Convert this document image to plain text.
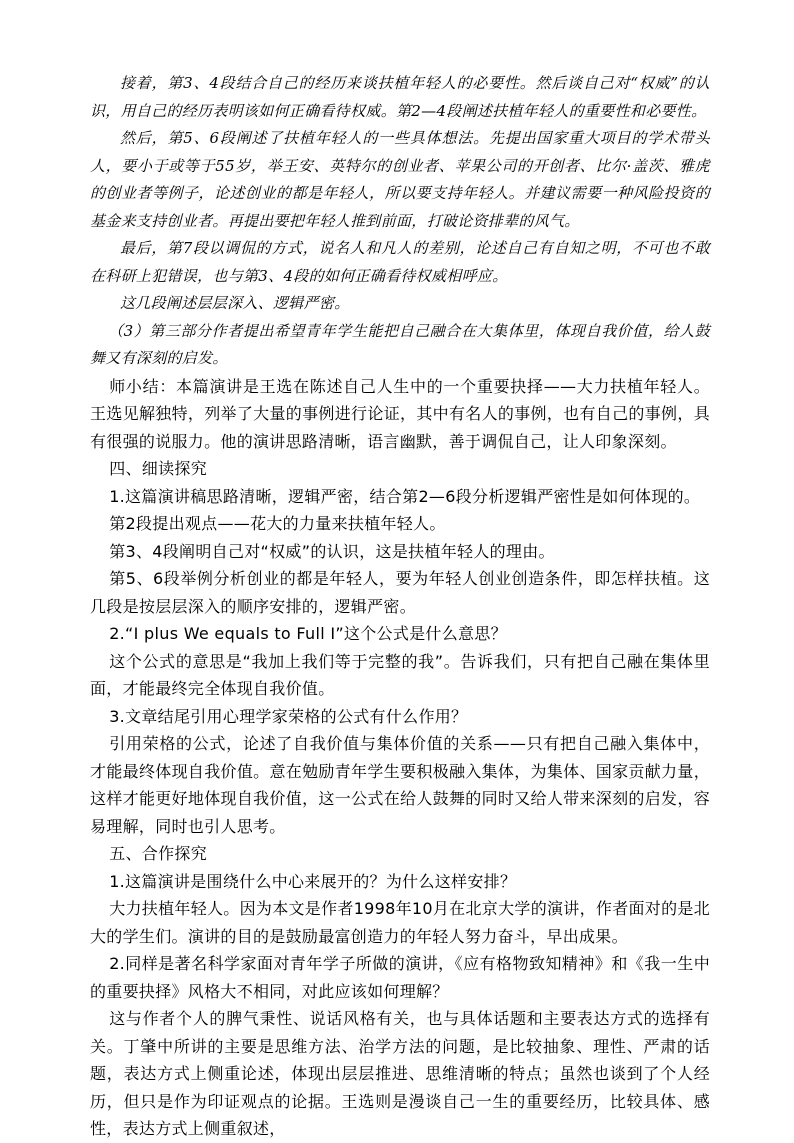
接着，第3、4段结合自己的经历来谈扶植年轻人的必要性。然后谈自己对“权威”的认识，用自己的经历表明该如何正确看待权威。第2—4段阐述扶植年轻人的重要性和必要性。

然后，第5、6段阐述了扶植年轻人的一些具体想法。先提出国家重大项目的学术带头人，要小于或等于55岁，举王安、英特尔的创业者、苹果公司的开创者、比尔·盖茨、雅虎的创业者等例子，论述创业的都是年轻人，所以要支持年轻人。并建议需要一种风险投资的基金来支持创业者。再提出要把年轻人推到前面，打破论资排辈的风气。

最后，第7段以调侃的方式，说名人和凡人的差别，论述自己有自知之明，不可也不敢在科研上犯错误，也与第3、4段的如何正确看待权威相呼应。

这几段阐述层层深入、逻辑严密。

（3）第三部分作者提出希望青年学生能把自己融合在大集体里，体现自我价值，给人鼓舞又有深刻的启发。

师小结：本篇演讲是王选在陈述自己人生中的一个重要抉择——大力扶植年轻人。王选见解独特，列举了大量的事例进行论证，其中有名人的事例，也有自己的事例，具有很强的说服力。他的演讲思路清晰，语言幽默，善于调侃自己，让人印象深刻。

四、细读探究

1.这篇演讲稿思路清晰，逻辑严密，结合第2—6段分析逻辑严密性是如何体现的。

第2段提出观点——花大的力量来扶植年轻人。

第3、4段阐明自己对“权威”的认识，这是扶植年轻人的理由。

第5、6段举例分析创业的都是年轻人，要为年轻人创业创造条件，即怎样扶植。这几段是按层层深入的顺序安排的，逻辑严密。

2.“I plus We equals to Full I”这个公式是什么意思？

这个公式的意思是“我加上我们等于完整的我”。告诉我们，只有把自己融在集体里面，才能最终完全体现自我价值。

3.文章结尾引用心理学家荣格的公式有什么作用？

引用荣格的公式，论述了自我价值与集体价值的关系——只有把自己融入集体中，才能最终体现自我价值。意在勉励青年学生要积极融入集体，为集体、国家贡献力量，这样才能更好地体现自我价值，这一公式在给人鼓舞的同时又给人带来深刻的启发，容易理解，同时也引人思考。

五、合作探究

1.这篇演讲是围绕什么中心来展开的？为什么这样安排？

大力扶植年轻人。因为本文是作者1998年10月在北京大学的演讲，作者面对的是北大的学生们。演讲的目的是鼓励最富创造力的年轻人努力奋斗，早出成果。

2.同样是著名科学家面对青年学子所做的演讲，《应有格物致知精神》和《我一生中的重要抉择》风格大不相同，对此应该如何理解？

这与作者个人的脾气秉性、说话风格有关，也与具体话题和主要表达方式的选择有关。丁肇中所讲的主要是思维方法、治学方法的问题，是比较抽象、理性、严肃的话题，表达方式上侧重论述，体现出层层推进、思维清晰的特点；虽然也谈到了个人经历，但只是作为印证观点的论据。王选则是漫谈自己一生的重要经历，比较具体、感性，表达方式上侧重叙述，
